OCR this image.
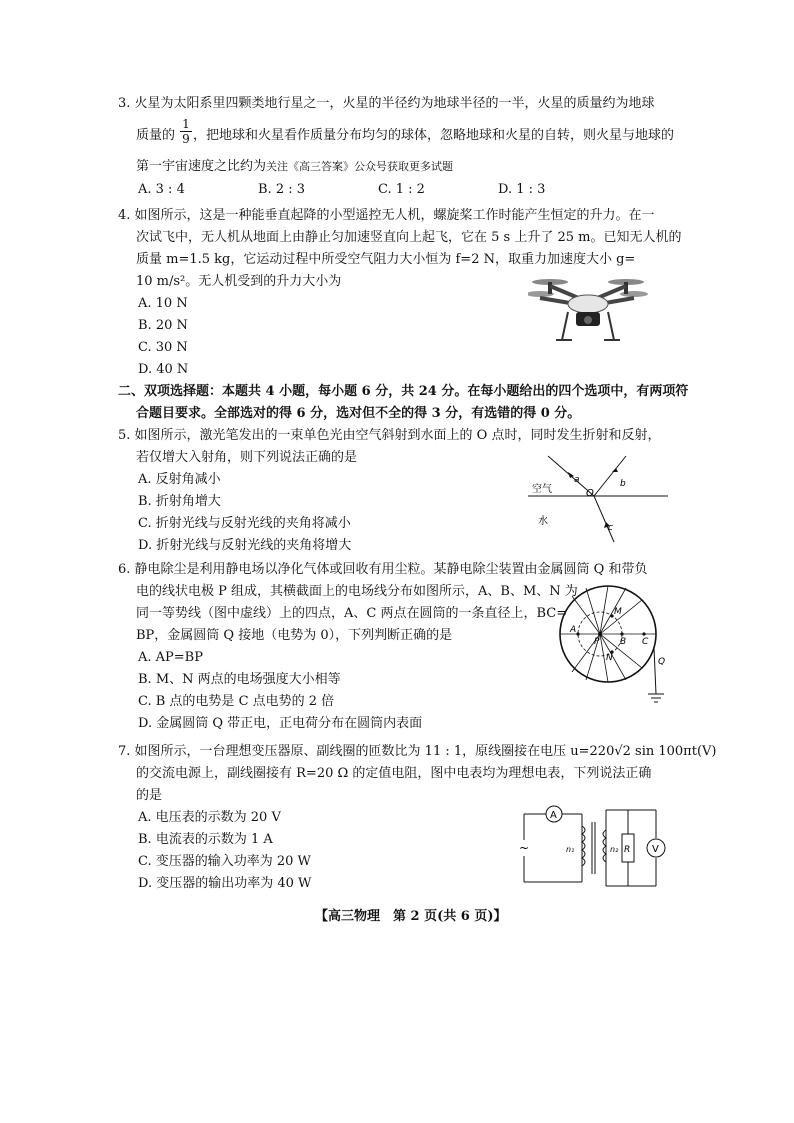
3. 火星为太阳系里四颗类地行星之一，火星的半径约为地球半径的一半，火星的质量约为地球
质量的 $\frac{1}{9}$ ，把地球和火星看作质量分布均匀的球体，忽略地球和火星的自转，则火星与地球的
第一宇宙速度之比约为关注《高三答案》公众号获取更多试题
A. 3 : 4	B. 2 : 3	C. 1 : 2	D. 1 : 3
4. 如图所示，这是一种能垂直起降的小型遥控无人机，螺旋桨工作时能产生恒定的升力。在一
次试飞中，无人机从地面上由静止匀加速竖直向上起飞，它在 5 s 上升了 25 m。已知无人机的
质量 m=1.5 kg，它运动过程中所受空气阻力大小恒为 f=2 N，取重力加速度大小 g=
10 m/s²。无人机受到的升力大小为
A. 10 N
B. 20 N
C. 30 N
D. 40 N
二、双项选择题：本题共 4 小题，每小题 6 分，共 24 分。在每小题给出的四个选项中，有两项符
合题目要求。全部选对的得 6 分，选对但不全的得 3 分，有选错的得 0 分。
5. 如图所示，激光笔发出的一束单色光由空气斜射到水面上的 O 点时，同时发生折射和反射，
若仅增大入射角，则下列说法正确的是
A. 反射角减小
B. 折射角增大
C. 折射光线与反射光线的夹角将减小
D. 折射光线与反射光线的夹角将增大
空气
水
O
a	b
c
6. 静电除尘是利用静电场以净化气体或回收有用尘粒。某静电除尘装置由金属圆筒 Q 和带负
电的线状电极 P 组成，其横截面上的电场线分布如图所示，A、B、M、N 为
同一等势线（图中虚线）上的四点，A、C 两点在圆筒的一条直径上，BC=
BP，金属圆筒 Q 接地（电势为 0），下列判断正确的是
A. AP=BP
B. M、N 两点的电场强度大小相等
C. B 点的电势是 C 点电势的 2 倍
D. 金属圆筒 Q 带正电，正电荷分布在圆筒内表面
M
N
A
P B C
Q
7. 如图所示，一台理想变压器原、副线圈的匝数比为 11 : 1，原线圈接在电压 u=220√2 sin 100πt(V)
的交流电源上，副线圈接有 R=20 Ω 的定值电阻，图中电表均为理想电表，下列说法正确
的是
A. 电压表的示数为 20 V
B. 电流表的示数为 1 A
C. 变压器的输入功率为 20 W
D. 变压器的输出功率为 40 W
A
V
~	n₁	n₂ R
【高三物理　第 2 页(共 6 页)】
